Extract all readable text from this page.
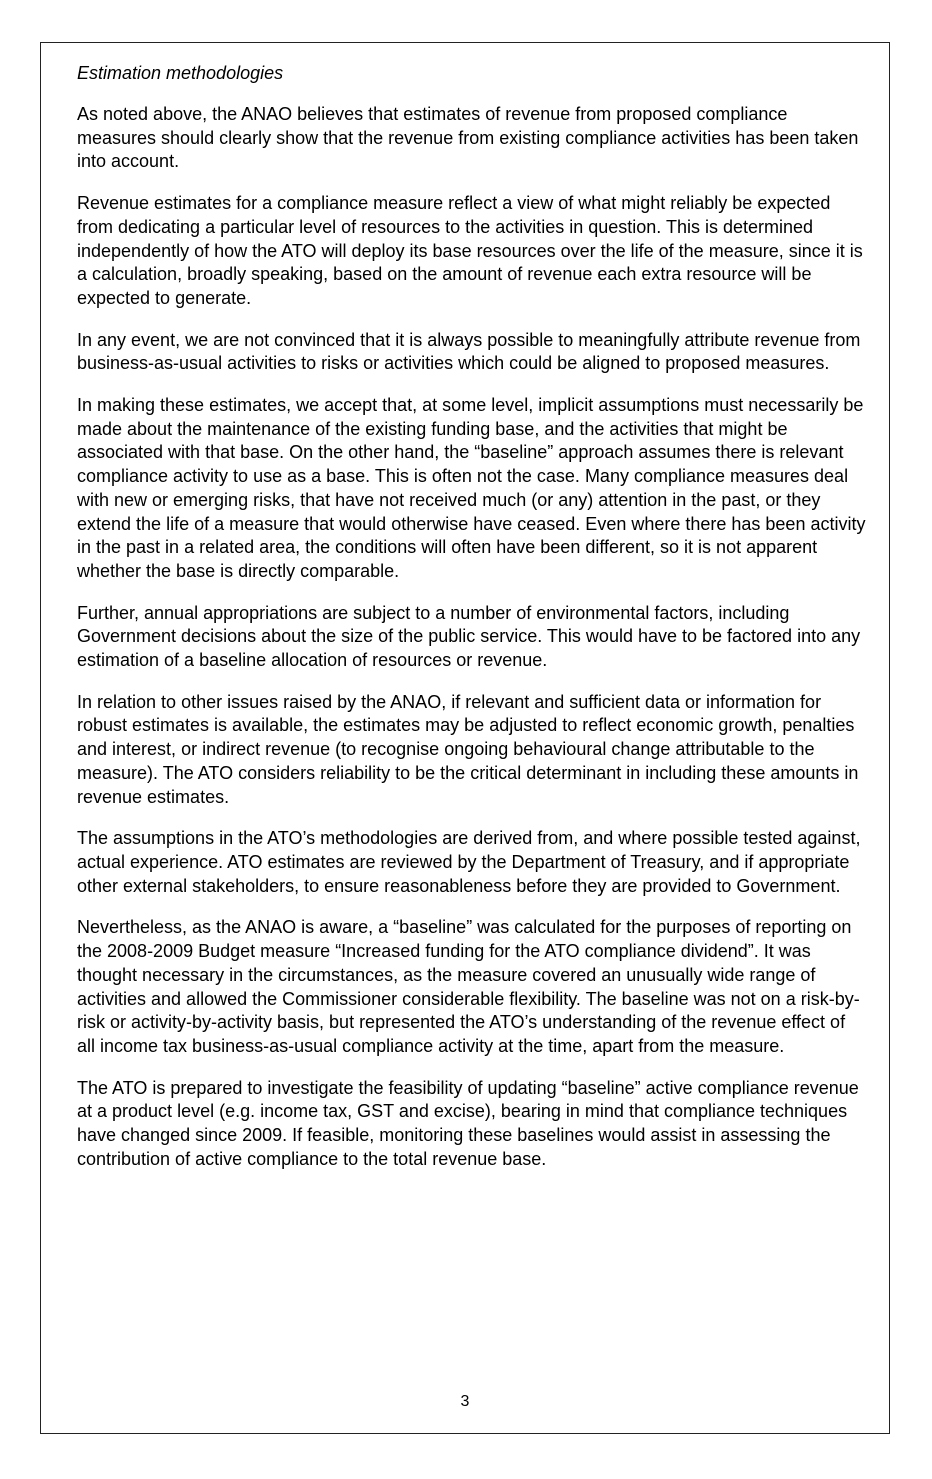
Estimation methodologies

As noted above, the ANAO believes that estimates of revenue from proposed compliance measures should clearly show that the revenue from existing compliance activities has been taken into account.

Revenue estimates for a compliance measure reflect a view of what might reliably be expected from dedicating a particular level of resources to the activities in question. This is determined independently of how the ATO will deploy its base resources over the life of the measure, since it is a calculation, broadly speaking, based on the amount of revenue each extra resource will be expected to generate.

In any event, we are not convinced that it is always possible to meaningfully attribute revenue from business-as-usual activities to risks or activities which could be aligned to proposed measures.

In making these estimates, we accept that, at some level, implicit assumptions must necessarily be made about the maintenance of the existing funding base, and the activities that might be associated with that base. On the other hand, the “baseline” approach assumes there is relevant compliance activity to use as a base. This is often not the case. Many compliance measures deal with new or emerging risks, that have not received much (or any) attention in the past, or they extend the life of a measure that would otherwise have ceased. Even where there has been activity in the past in a related area, the conditions will often have been different, so it is not apparent whether the base is directly comparable.

Further, annual appropriations are subject to a number of environmental factors, including Government decisions about the size of the public service. This would have to be factored into any estimation of a baseline allocation of resources or revenue.

In relation to other issues raised by the ANAO, if relevant and sufficient data or information for robust estimates is available, the estimates may be adjusted to reflect economic growth, penalties and interest, or indirect revenue (to recognise ongoing behavioural change attributable to the measure). The ATO considers reliability to be the critical determinant in including these amounts in revenue estimates.

The assumptions in the ATO’s methodologies are derived from, and where possible tested against, actual experience. ATO estimates are reviewed by the Department of Treasury, and if appropriate other external stakeholders, to ensure reasonableness before they are provided to Government.

Nevertheless, as the ANAO is aware, a “baseline” was calculated for the purposes of reporting on the 2008-2009 Budget measure “Increased funding for the ATO compliance dividend”. It was thought necessary in the circumstances, as the measure covered an unusually wide range of activities and allowed the Commissioner considerable flexibility. The baseline was not on a risk-by-risk or activity-by-activity basis, but represented the ATO’s understanding of the revenue effect of all income tax business-as-usual compliance activity at the time, apart from the measure.

The ATO is prepared to investigate the feasibility of updating “baseline” active compliance revenue at a product level (e.g. income tax, GST and excise), bearing in mind that compliance techniques have changed since 2009. If feasible, monitoring these baselines would assist in assessing the contribution of active compliance to the total revenue base.

3
